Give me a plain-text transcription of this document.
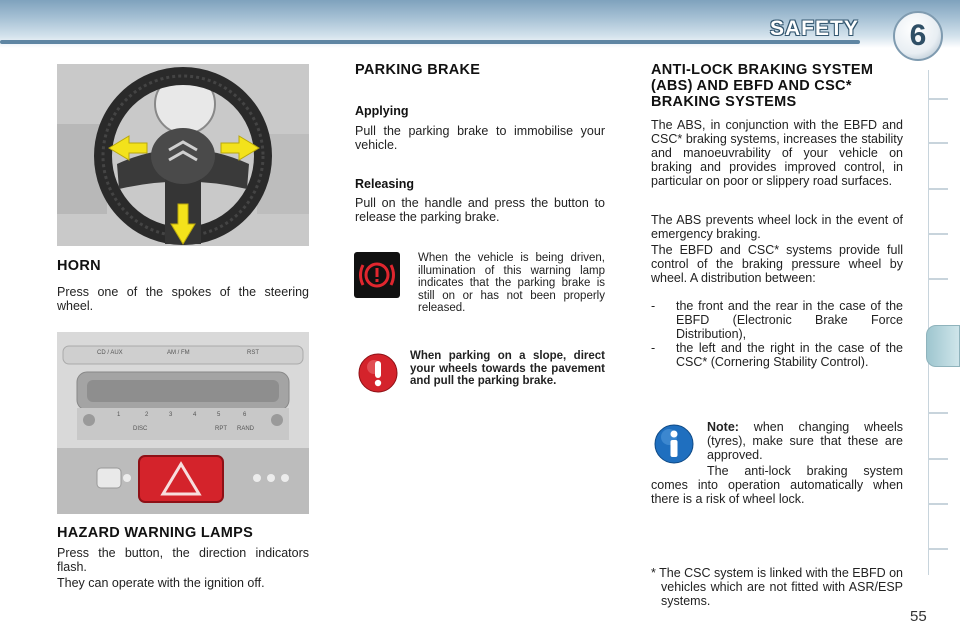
SAFETY	6
HORN
Press one of the spokes of the steering wheel.
CD / AUX	AM / FM	RST
1	2	3	4	5	6
DISC	RPT RAND
HAZARD WARNING LAMPS
Press the button, the direction indicators flash.
They can operate with the ignition off.
PARKING BRAKE
Applying
Pull the parking brake to immobilise your vehicle.
Releasing
Pull on the handle and press the button to release the parking brake.
When the vehicle is being driven, illumination of this warning lamp indicates that the parking brake is still on or has not been properly released.
When parking on a slope, direct your wheels towards the pavement and pull the parking brake.
ANTI-LOCK BRAKING SYSTEM (ABS) AND EBFD AND CSC* BRAKING SYSTEMS
The ABS, in conjunction with the EBFD and CSC* braking systems, increases the stability and manoeuvrability of your vehicle on braking and provides improved control, in particular on poor or slippery road surfaces.
The ABS prevents wheel lock in the event of emergency braking.
The EBFD and CSC* systems provide full control of the braking pressure wheel by wheel. A distribution between:
- the front and the rear in the case of the EBFD (Electronic Brake Force Distribution),
- the left and the right in the case of the CSC* (Cornering Stability Control).
Note: when changing wheels (tyres), make sure that these are approved.
The anti-lock braking system comes into operation automatically when there is a risk of wheel lock.
* The CSC system is linked with the EBFD on vehicles which are not fitted with ASR/ESP systems.
55
